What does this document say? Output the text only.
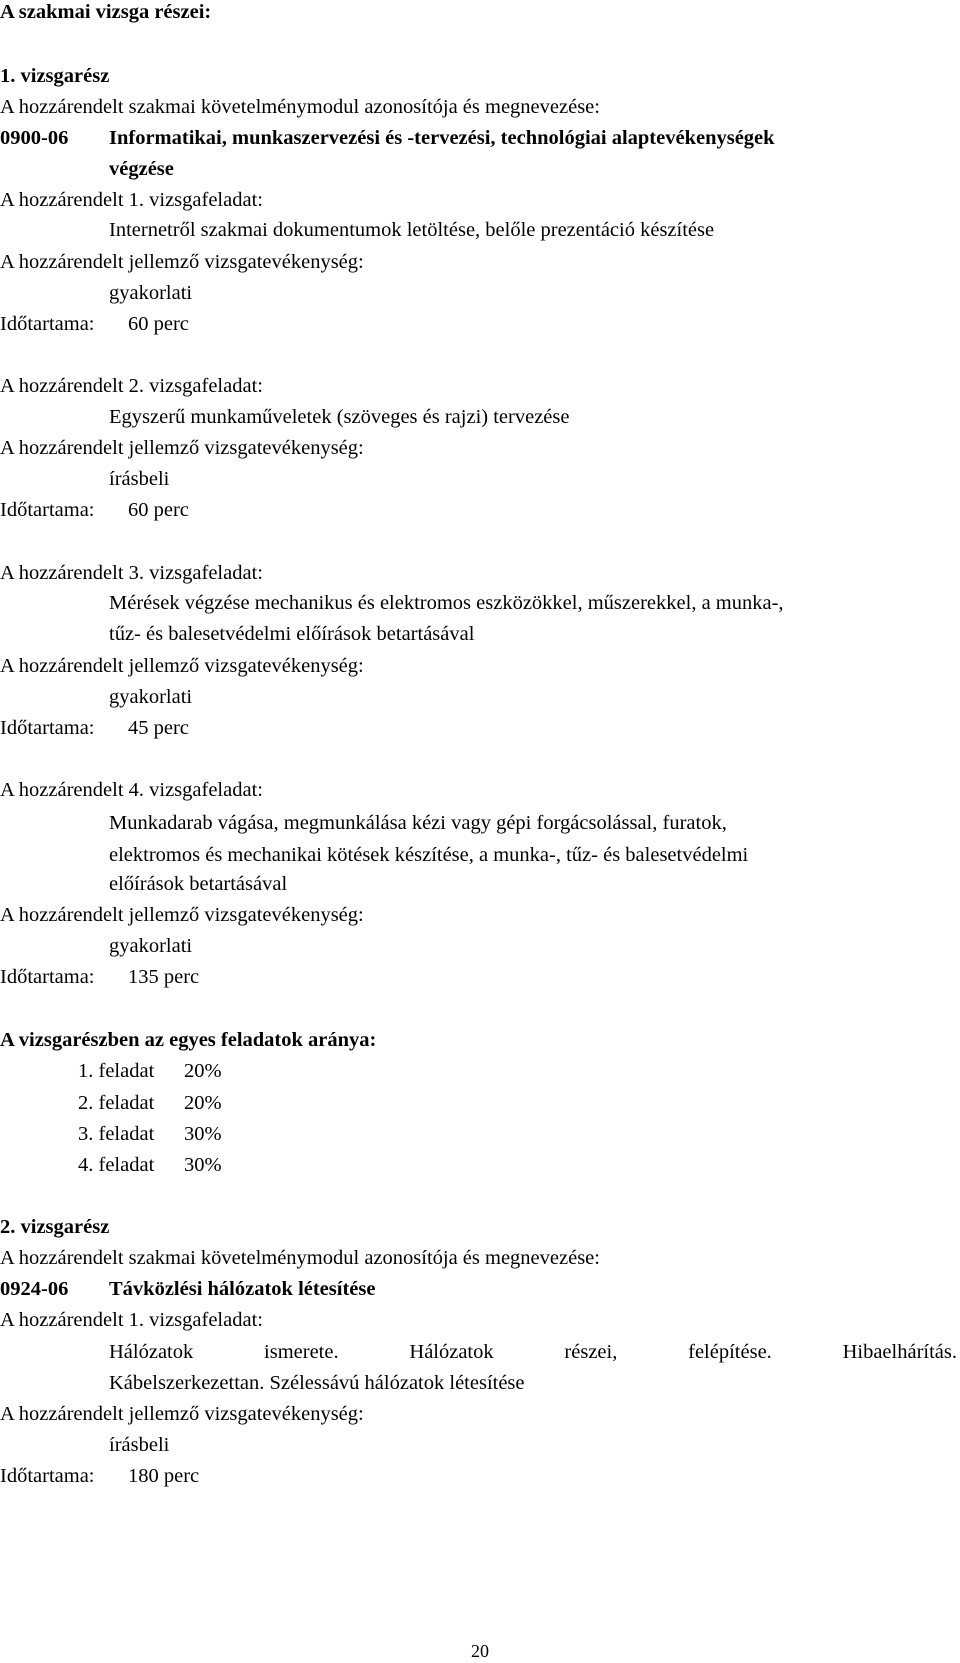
A szakmai vizsga részei:
1. vizsgarész
A hozzárendelt szakmai követelménymodul azonosítója és megnevezése:
0900-06 Informatikai, munkaszervezési és -tervezési, technológiai alaptevékenységek
végzése
A hozzárendelt 1. vizsgafeladat:
Internetről szakmai dokumentumok letöltése, belőle prezentáció készítése
A hozzárendelt jellemző vizsgatevékenység:
gyakorlati
Időtartama: 60 perc
A hozzárendelt 2. vizsgafeladat:
Egyszerű munkaműveletek (szöveges és rajzi) tervezése
A hozzárendelt jellemző vizsgatevékenység:
írásbeli
Időtartama: 60 perc
A hozzárendelt 3. vizsgafeladat:
Mérések végzése mechanikus és elektromos eszközökkel, műszerekkel, a munka-,
tűz- és balesetvédelmi előírások betartásával
A hozzárendelt jellemző vizsgatevékenység:
gyakorlati
Időtartama: 45 perc
A hozzárendelt 4. vizsgafeladat:
Munkadarab vágása, megmunkálása kézi vagy gépi forgácsolással, furatok,
elektromos és mechanikai kötések készítése, a munka-, tűz- és balesetvédelmi
előírások betartásával
A hozzárendelt jellemző vizsgatevékenység:
gyakorlati
Időtartama: 135 perc
A vizsgarészben az egyes feladatok aránya:
1. feladat 20%
2. feladat 20%
3. feladat 30%
4. feladat 30%
2. vizsgarész
A hozzárendelt szakmai követelménymodul azonosítója és megnevezése:
0924-06 Távközlési hálózatok létesítése
A hozzárendelt 1. vizsgafeladat:
Hálózatok	ismerete.	Hálózatok	részei,	felépítése.	Hibaelhárítás.
Kábelszerkezettan. Szélessávú hálózatok létesítése
A hozzárendelt jellemző vizsgatevékenység:
írásbeli
Időtartama: 180 perc
20
